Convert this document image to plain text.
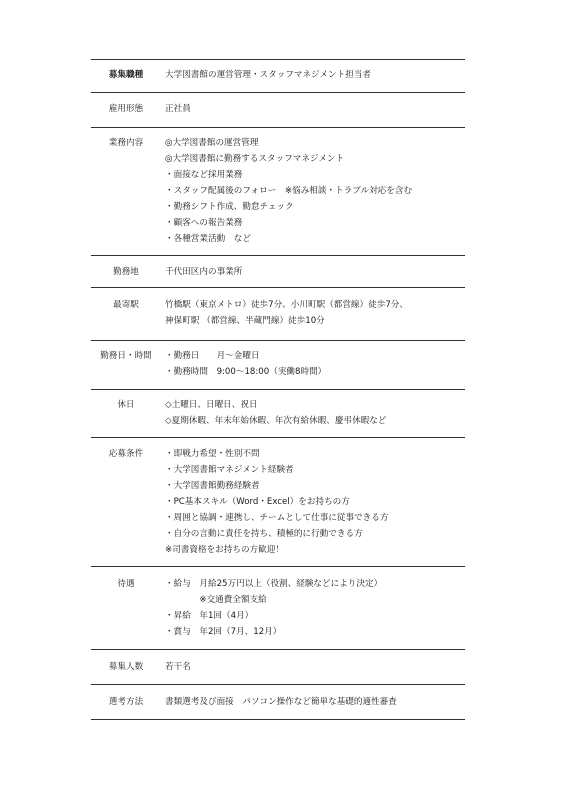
募集職種	大学図書館の運営管理・スタッフマネジメント担当者
雇用形態	正社員
業務内容	◎大学図書館の運営管理
◎大学図書館に勤務するスタッフマネジメント
・面接など採用業務
・スタッフ配属後のフォロー　※悩み相談・トラブル対応を含む
・勤務シフト作成、勤怠チェック
・顧客への報告業務
・各種営業活動　など
勤務地	千代田区内の事業所
最寄駅	竹橋駅（東京メトロ）徒歩7分、小川町駅（都営線）徒歩7分、
神保町駅 （都営線、半蔵門線）徒歩10分
勤務日・時間	・勤務日　　月～金曜日
・勤務時間　9:00～18:00（実働8時間）
休日	◇土曜日、日曜日、祝日
◇夏期休暇、年末年始休暇、年次有給休暇、慶弔休暇など
応募条件	・即戦力希望・性別不問
・大学図書館マネジメント経験者
・大学図書館勤務経験者
・PC基本スキル（Word・Excel）をお持ちの方
・周囲と協調・連携し、チームとして仕事に従事できる方
・自分の言動に責任を持ち、積極的に行動できる方
※司書資格をお持ちの方歓迎！
待遇	・給与　月給25万円以上（役割、経験などにより決定）
　　　　※交通費全額支給
・昇給　年1回（4月）
・賞与　年2回（7月、12月）
募集人数	若干名
選考方法	書類選考及び面接　パソコン操作など簡単な基礎的適性審査
